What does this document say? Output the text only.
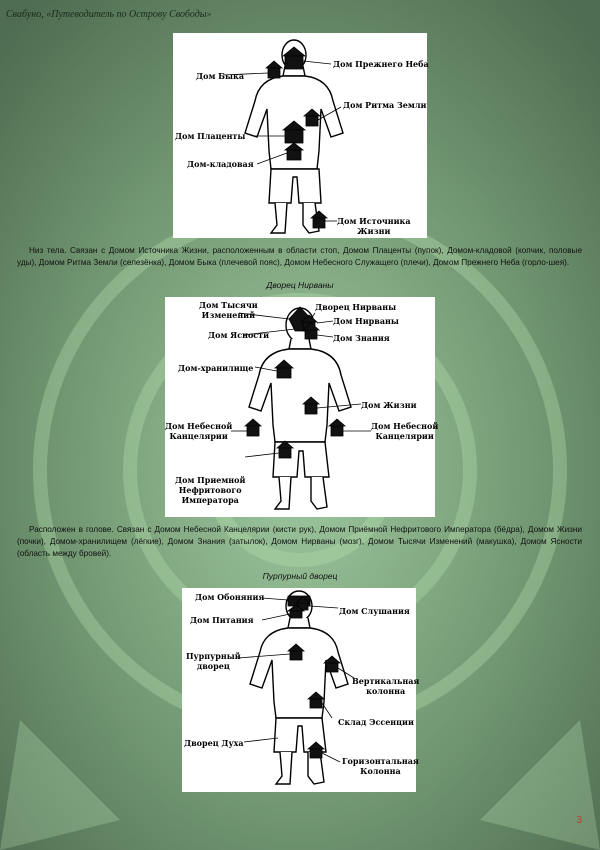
Свабуно, «Путеводитель по Острову Свободы»
Дом Быка
Дом Прежнего Неба
Дом Ритма Земли
Дом Плаценты
Дом-кладовая
Дом Источника
Жизни
Низ тела. Связан с Домом Источника Жизни, расположенным в области стоп, Домом Плаценты (пупок), Домом-кладовой (копчик, половые уды), Домом Ритма Земли (селезёнка), Домом Быка (плечевой пояс), Домом Небесного Служащего (плечи), Домом Прежнего Неба (горло-шея).
Дворец Нирваны
Дом Тысячи
Изменений
Дворец Нирваны
Дом Нирваны
Дом Ясности	Дом Знания
Дом-хранилище
Дом Жизни
Дом Небесной
Канцелярии
Дом Небесной
Канцелярии
Дом Приемной
Нефритового
Императора
Расположен в голове. Связан с Домом Небесной Канцелярии (кисти рук), Домом Приёмной Нефритового Императора (бёдра), Домом Жизни (почки), Домом-хранилищем (лёгкие), Домом Знания (затылок), Домом Нирваны (мозг), Домом Тысячи Изменений (макушка), Домом Ясности (область между бровей).
Пурпурный дворец
Дом Обоняния
Дом Слушания
Дом Питания
Пурпурный
дворец
Вертикальная
колонна
Склад Эссенции
Дворец Духа
Горизонтальная
Колонна
3
